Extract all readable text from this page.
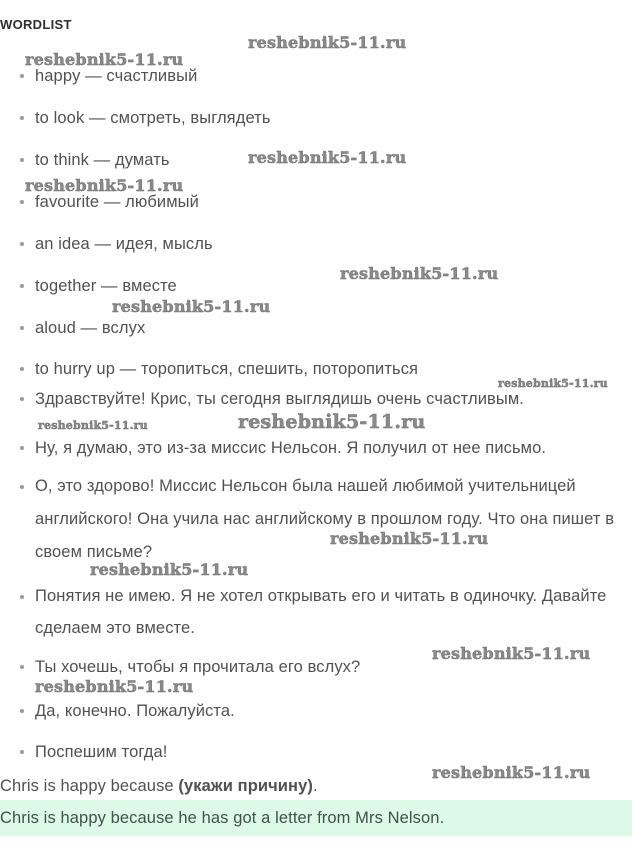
WORDLIST
reshebnik5-11.ru
reshebnik5-11.ru
reshebnik5-11.ru
reshebnik5-11.ru
reshebnik5-11.ru
reshebnik5-11.ru
reshebnik5-11.ru
reshebnik5-11.ru	reshebnik5-11.ru
reshebnik5-11.ru
reshebnik5-11.ru
reshebnik5-11.ru
reshebnik5-11.ru
reshebnik5-11.ru
happy — счастливый
to look — смотреть, выглядеть
to think — думать
favourite — любимый
an idea — идея, мысль
together — вместе
aloud — вслух
to hurry up — торопиться, спешить, поторопиться
Здравствуйте! Крис, ты сегодня выглядишь очень счастливым.
Ну, я думаю, это из-за миссис Нельсон. Я получил от нее письмо.
О, это здорово! Миссис Нельсон была нашей любимой учительницей
английского! Она учила нас английскому в прошлом году. Что она пишет в
своем письме?
Понятия не имею. Я не хотел открывать его и читать в одиночку. Давайте
сделаем это вместе.
Ты хочешь, чтобы я прочитала его вслух?
Да, конечно. Пожалуйста.
Поспешим тогда!
Chris is happy because (укажи причину).
Chris is happy because he has got a letter from Mrs Nelson.
